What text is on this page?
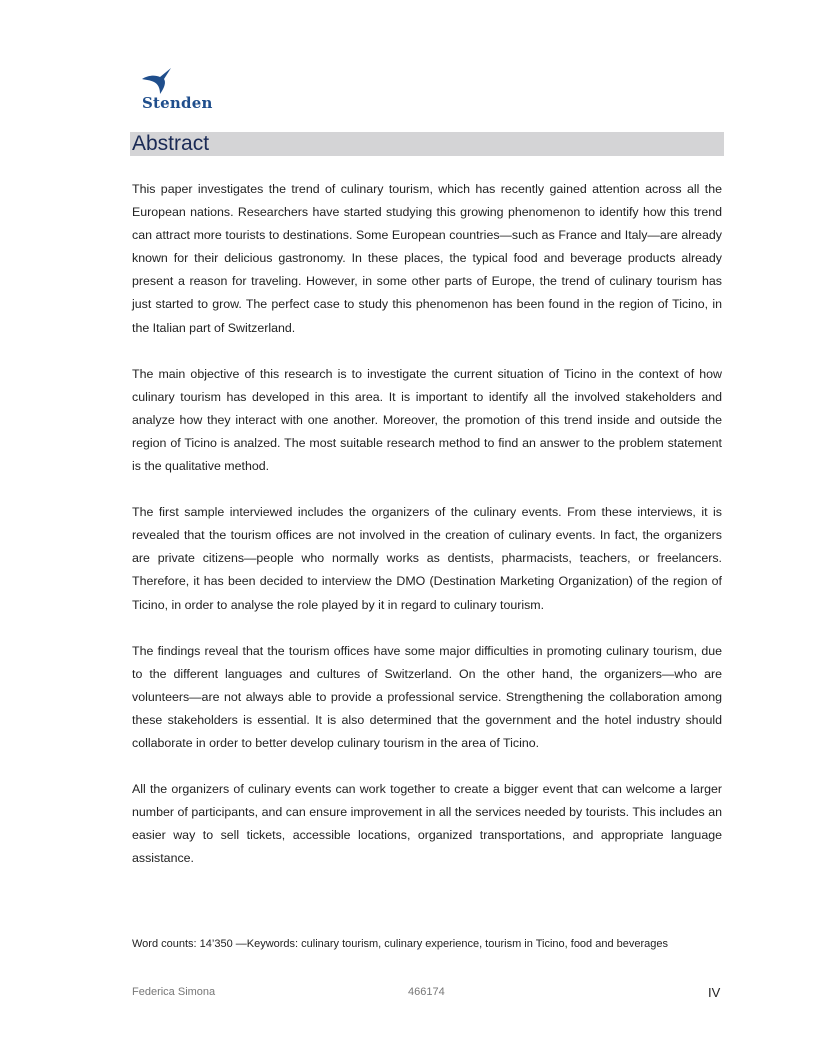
Stenden
Abstract

This paper investigates the trend of culinary tourism, which has recently gained attention across all the European nations. Researchers have started studying this growing phenomenon to identify how this trend can attract more tourists to destinations. Some European countries—such as France and Italy—are already known for their delicious gastronomy. In these places, the typical food and beverage products already present a reason for traveling. However, in some other parts of Europe, the trend of culinary tourism has just started to grow. The perfect case to study this phenomenon has been found in the region of Ticino, in the Italian part of Switzerland.

The main objective of this research is to investigate the current situation of Ticino in the context of how culinary tourism has developed in this area. It is important to identify all the involved stakeholders and analyze how they interact with one another. Moreover, the promotion of this trend inside and outside the region of Ticino is analzed. The most suitable research method to find an answer to the problem statement is the qualitative method.

The first sample interviewed includes the organizers of the culinary events. From these interviews, it is revealed that the tourism offices are not involved in the creation of culinary events. In fact, the organizers are private citizens—people who normally works as dentists, pharmacists, teachers, or freelancers. Therefore, it has been decided to interview the DMO (Destination Marketing Organization) of the region of Ticino, in order to analyse the role played by it in regard to culinary tourism.

The findings reveal that the tourism offices have some major difficulties in promoting culinary tourism, due to the different languages and cultures of Switzerland. On the other hand, the organizers—who are volunteers—are not always able to provide a professional service. Strengthening the collaboration among these stakeholders is essential. It is also determined that the government and the hotel industry should collaborate in order to better develop culinary tourism in the area of Ticino.

All the organizers of culinary events can work together to create a bigger event that can welcome a larger number of participants, and can ensure improvement in all the services needed by tourists. This includes an easier way to sell tickets, accessible locations, organized transportations, and appropriate language assistance.

Word counts: 14’350 —Keywords: culinary tourism, culinary experience, tourism in Ticino, food and beverages
Federica Simona	466174	IV
